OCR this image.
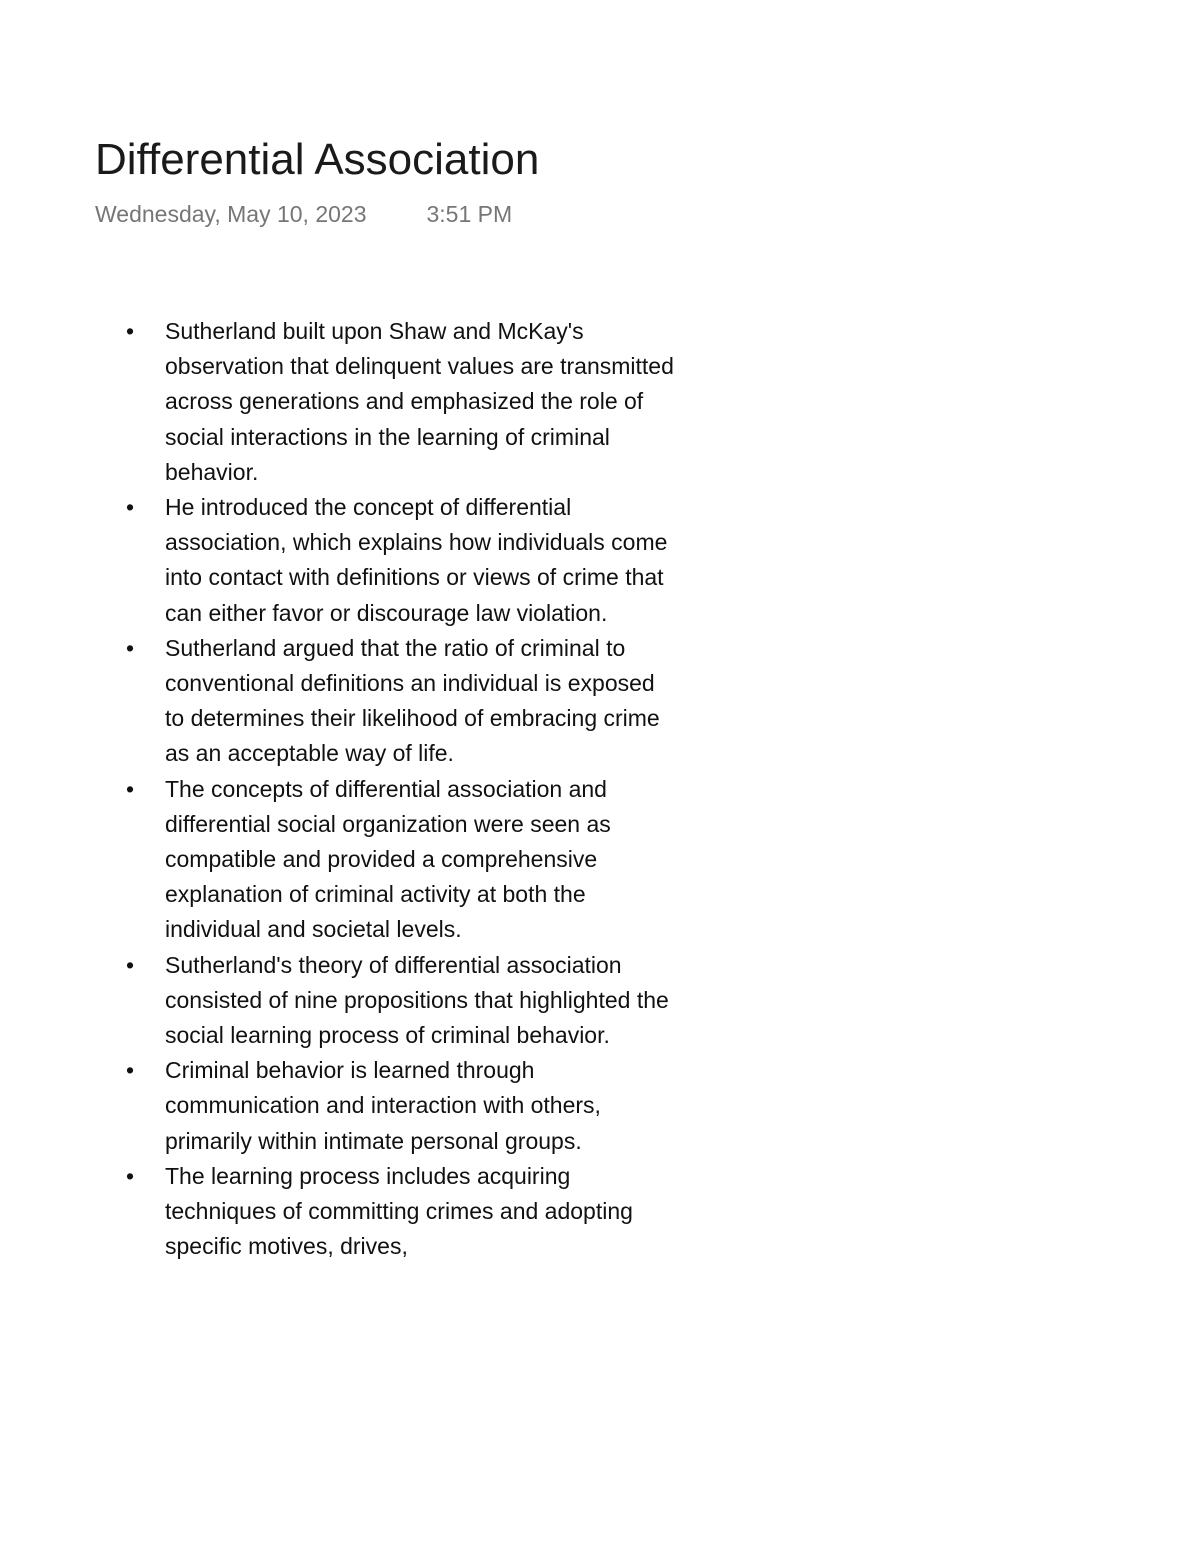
Differential Association
Wednesday, May 10, 2023	3:51 PM
• Sutherland built upon Shaw and McKay's observation that delinquent values are transmitted across generations and emphasized the role of social interactions in the learning of criminal behavior.
• He introduced the concept of differential association, which explains how individuals come into contact with definitions or views of crime that can either favor or discourage law violation.
• Sutherland argued that the ratio of criminal to conventional definitions an individual is exposed to determines their likelihood of embracing crime as an acceptable way of life.
• The concepts of differential association and differential social organization were seen as compatible and provided a comprehensive explanation of criminal activity at both the individual and societal levels.
• Sutherland's theory of differential association consisted of nine propositions that highlighted the social learning process of criminal behavior.
• Criminal behavior is learned through communication and interaction with others, primarily within intimate personal groups.
• The learning process includes acquiring techniques of committing crimes and adopting specific motives, drives,
